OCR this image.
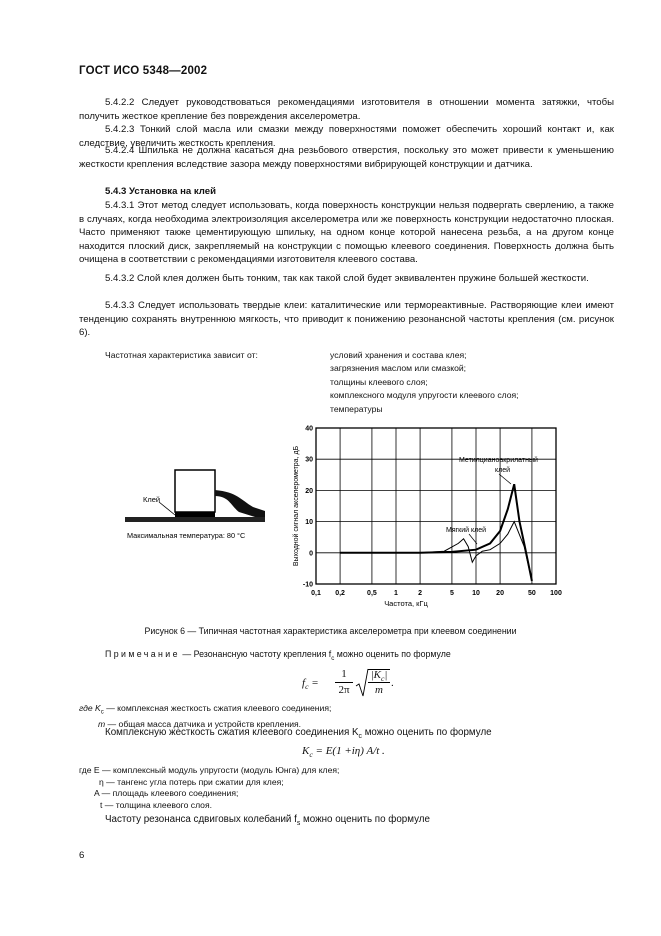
ГОСТ ИСО 5348—2002
5.4.2.2 Следует руководствоваться рекомендациями изготовителя в отношении момента затяжки, чтобы получить жесткое крепление без повреждения акселерометра.
5.4.2.3 Тонкий слой масла или смазки между поверхностями поможет обеспечить хороший контакт и, как следствие, увеличить жесткость крепления.
5.4.2.4 Шпилька не должна касаться дна резьбового отверстия, поскольку это может привести к уменьшению жесткости крепления вследствие зазора между поверхностями вибрирующей конструкции и датчика.
5.4.3 Установка на клей
5.4.3.1 Этот метод следует использовать, когда поверхность конструкции нельзя подвергать сверлению, а также в случаях, когда необходима электроизоляция акселерометра или же поверхность конструкции недостаточно плоская. Часто применяют также цементирующую шпильку, на одном конце которой нанесена резьба, а на другом конце находится плоский диск, закрепляемый на конструкции с помощью клеевого соединения. Поверхность должна быть очищена в соответствии с рекомендациями изготовителя клеевого состава.
5.4.3.2 Слой клея должен быть тонким, так как такой слой будет эквивалентен пружине большей жесткости.
5.4.3.3 Следует использовать твердые клеи: каталитические или термореактивные. Растворяющие клеи имеют тенденцию сохранять внутреннюю мягкость, что приводит к понижению резонансной частоты крепления (см. рисунок 6).
Частотная характеристика зависит от:	условий хранения и состава клея;
загрязнения маслом или смазкой;
толщины клеевого слоя;
комплексного модуля упругости клеевого слоя;
температуры
Клей
Максимальная температура: 80 °С
-10
0
10
20
30
40
0,1 0,2	0,5 1	2	5	10 20	50 100
Выходной сигнал акселерометра, дБ
Частота, кГц
Метилцианоакрилатный
клей
Мягкий клей
Рисунок 6 — Типичная частотная характеристика акселерометра при клеевом соединении
Примечание — Резонансную частоту крепления $f_c$ можно оценить по формуле
$f_c$ =
1
2π
$|K_c|$
m
.
где $K_c$ — комплексная жесткость сжатия клеевого соединения;
m — общая масса датчика и устройств крепления.
Комплексную жесткость сжатия клеевого соединения $K_c$ можно оценить по формуле
$K_c = E(1 +i\eta)$ A/t .
где E — комплексный модуль упругости (модуль Юнга) для клея;
η — тангенс угла потерь при сжатии для клея;
A — площадь клеевого соединения;
t — толщина клеевого слоя.
Частоту резонанса сдвиговых колебаний $f_s$ можно оценить по формуле
6
